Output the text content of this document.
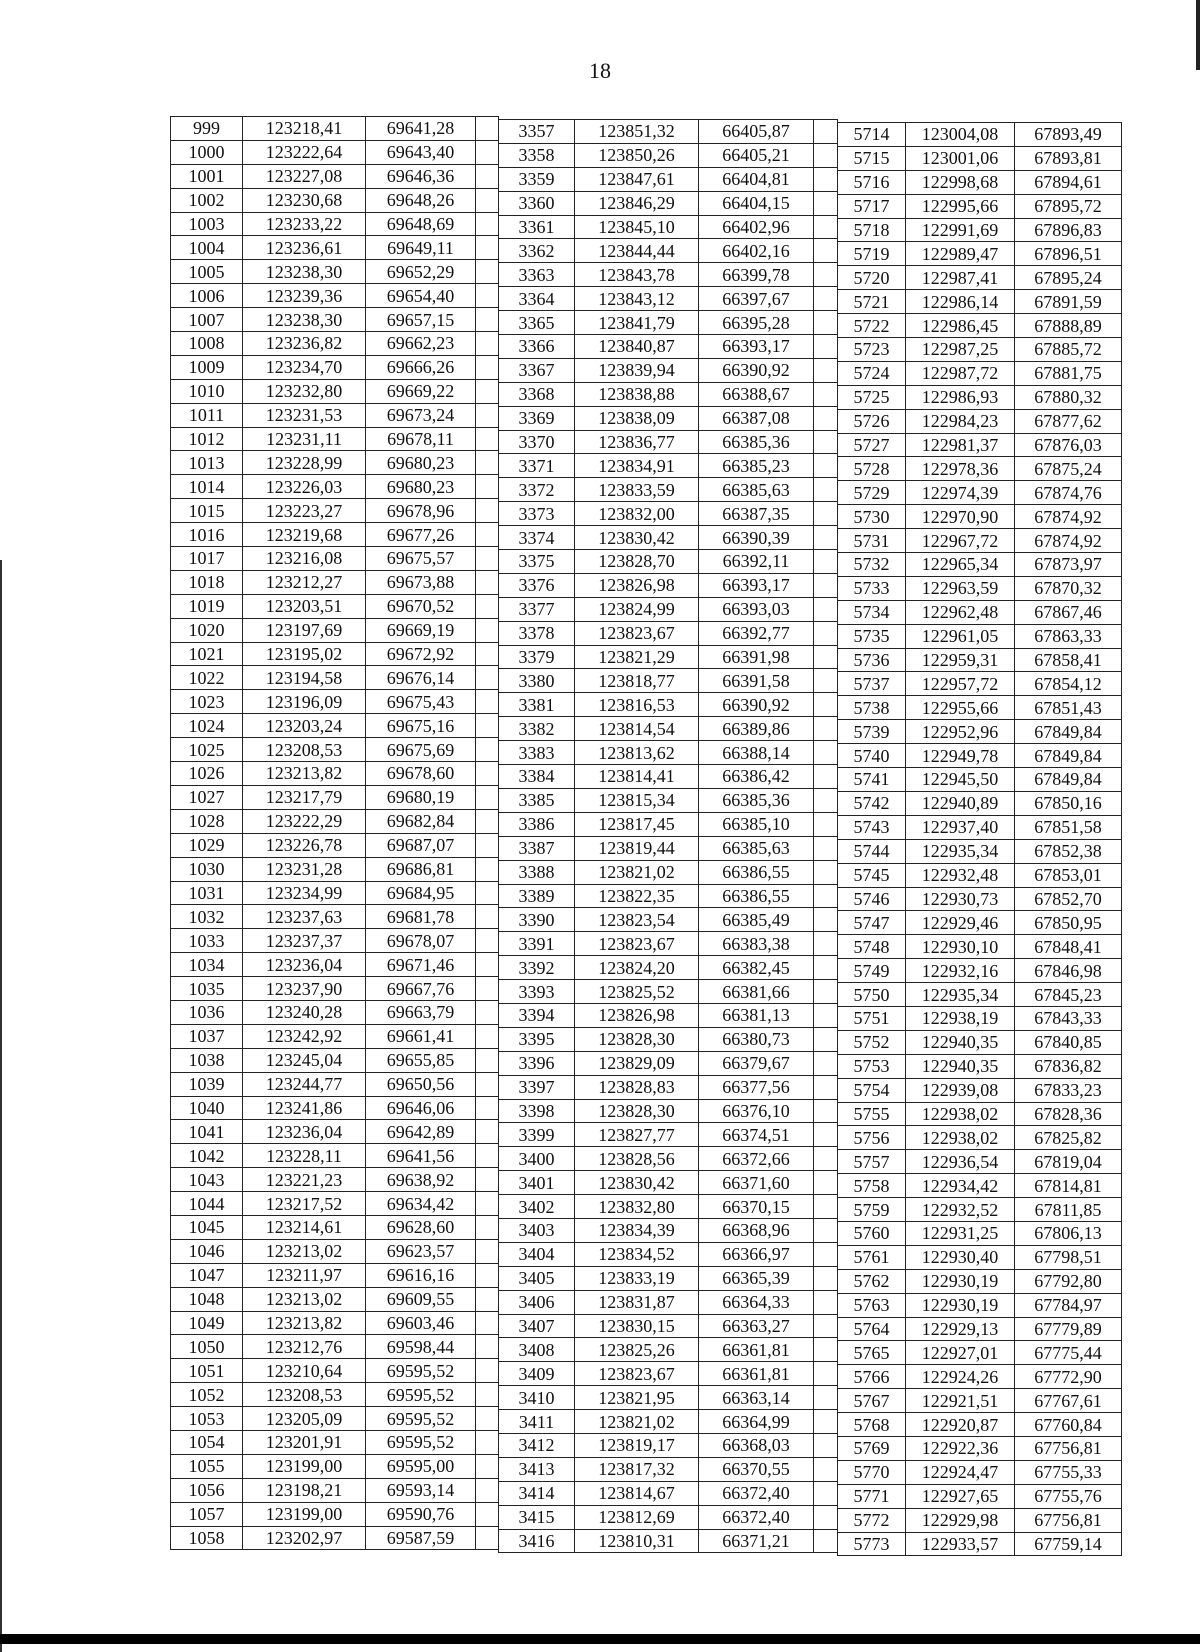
18
999	123218,41	69641,28	
1000	123222,64	69643,40	
1001	123227,08	69646,36	
1002	123230,68	69648,26	
1003	123233,22	69648,69	
1004	123236,61	69649,11	
1005	123238,30	69652,29	
1006	123239,36	69654,40	
1007	123238,30	69657,15	
1008	123236,82	69662,23	
1009	123234,70	69666,26	
1010	123232,80	69669,22	
1011	123231,53	69673,24	
1012	123231,11	69678,11	
1013	123228,99	69680,23	
1014	123226,03	69680,23	
1015	123223,27	69678,96	
1016	123219,68	69677,26	
1017	123216,08	69675,57	
1018	123212,27	69673,88	
1019	123203,51	69670,52	
1020	123197,69	69669,19	
1021	123195,02	69672,92	
1022	123194,58	69676,14	
1023	123196,09	69675,43	
1024	123203,24	69675,16	
1025	123208,53	69675,69	
1026	123213,82	69678,60	
1027	123217,79	69680,19	
1028	123222,29	69682,84	
1029	123226,78	69687,07	
1030	123231,28	69686,81	
1031	123234,99	69684,95	
1032	123237,63	69681,78	
1033	123237,37	69678,07	
1034	123236,04	69671,46	
1035	123237,90	69667,76	
1036	123240,28	69663,79	
1037	123242,92	69661,41	
1038	123245,04	69655,85	
1039	123244,77	69650,56	
1040	123241,86	69646,06	
1041	123236,04	69642,89	
1042	123228,11	69641,56	
1043	123221,23	69638,92	
1044	123217,52	69634,42	
1045	123214,61	69628,60	
1046	123213,02	69623,57	
1047	123211,97	69616,16	
1048	123213,02	69609,55	
1049	123213,82	69603,46	
1050	123212,76	69598,44	
1051	123210,64	69595,52	
1052	123208,53	69595,52	
1053	123205,09	69595,52	
1054	123201,91	69595,52	
1055	123199,00	69595,00	
1056	123198,21	69593,14	
1057	123199,00	69590,76	
1058	123202,97	69587,59	
3357	123851,32	66405,87	
3358	123850,26	66405,21	
3359	123847,61	66404,81	
3360	123846,29	66404,15	
3361	123845,10	66402,96	
3362	123844,44	66402,16	
3363	123843,78	66399,78	
3364	123843,12	66397,67	
3365	123841,79	66395,28	
3366	123840,87	66393,17	
3367	123839,94	66390,92	
3368	123838,88	66388,67	
3369	123838,09	66387,08	
3370	123836,77	66385,36	
3371	123834,91	66385,23	
3372	123833,59	66385,63	
3373	123832,00	66387,35	
3374	123830,42	66390,39	
3375	123828,70	66392,11	
3376	123826,98	66393,17	
3377	123824,99	66393,03	
3378	123823,67	66392,77	
3379	123821,29	66391,98	
3380	123818,77	66391,58	
3381	123816,53	66390,92	
3382	123814,54	66389,86	
3383	123813,62	66388,14	
3384	123814,41	66386,42	
3385	123815,34	66385,36	
3386	123817,45	66385,10	
3387	123819,44	66385,63	
3388	123821,02	66386,55	
3389	123822,35	66386,55	
3390	123823,54	66385,49	
3391	123823,67	66383,38	
3392	123824,20	66382,45	
3393	123825,52	66381,66	
3394	123826,98	66381,13	
3395	123828,30	66380,73	
3396	123829,09	66379,67	
3397	123828,83	66377,56	
3398	123828,30	66376,10	
3399	123827,77	66374,51	
3400	123828,56	66372,66	
3401	123830,42	66371,60	
3402	123832,80	66370,15	
3403	123834,39	66368,96	
3404	123834,52	66366,97	
3405	123833,19	66365,39	
3406	123831,87	66364,33	
3407	123830,15	66363,27	
3408	123825,26	66361,81	
3409	123823,67	66361,81	
3410	123821,95	66363,14	
3411	123821,02	66364,99	
3412	123819,17	66368,03	
3413	123817,32	66370,55	
3414	123814,67	66372,40	
3415	123812,69	66372,40	
3416	123810,31	66371,21	
5714	123004,08	67893,49
5715	123001,06	67893,81
5716	122998,68	67894,61
5717	122995,66	67895,72
5718	122991,69	67896,83
5719	122989,47	67896,51
5720	122987,41	67895,24
5721	122986,14	67891,59
5722	122986,45	67888,89
5723	122987,25	67885,72
5724	122987,72	67881,75
5725	122986,93	67880,32
5726	122984,23	67877,62
5727	122981,37	67876,03
5728	122978,36	67875,24
5729	122974,39	67874,76
5730	122970,90	67874,92
5731	122967,72	67874,92
5732	122965,34	67873,97
5733	122963,59	67870,32
5734	122962,48	67867,46
5735	122961,05	67863,33
5736	122959,31	67858,41
5737	122957,72	67854,12
5738	122955,66	67851,43
5739	122952,96	67849,84
5740	122949,78	67849,84
5741	122945,50	67849,84
5742	122940,89	67850,16
5743	122937,40	67851,58
5744	122935,34	67852,38
5745	122932,48	67853,01
5746	122930,73	67852,70
5747	122929,46	67850,95
5748	122930,10	67848,41
5749	122932,16	67846,98
5750	122935,34	67845,23
5751	122938,19	67843,33
5752	122940,35	67840,85
5753	122940,35	67836,82
5754	122939,08	67833,23
5755	122938,02	67828,36
5756	122938,02	67825,82
5757	122936,54	67819,04
5758	122934,42	67814,81
5759	122932,52	67811,85
5760	122931,25	67806,13
5761	122930,40	67798,51
5762	122930,19	67792,80
5763	122930,19	67784,97
5764	122929,13	67779,89
5765	122927,01	67775,44
5766	122924,26	67772,90
5767	122921,51	67767,61
5768	122920,87	67760,84
5769	122922,36	67756,81
5770	122924,47	67755,33
5771	122927,65	67755,76
5772	122929,98	67756,81
5773	122933,57	67759,14
